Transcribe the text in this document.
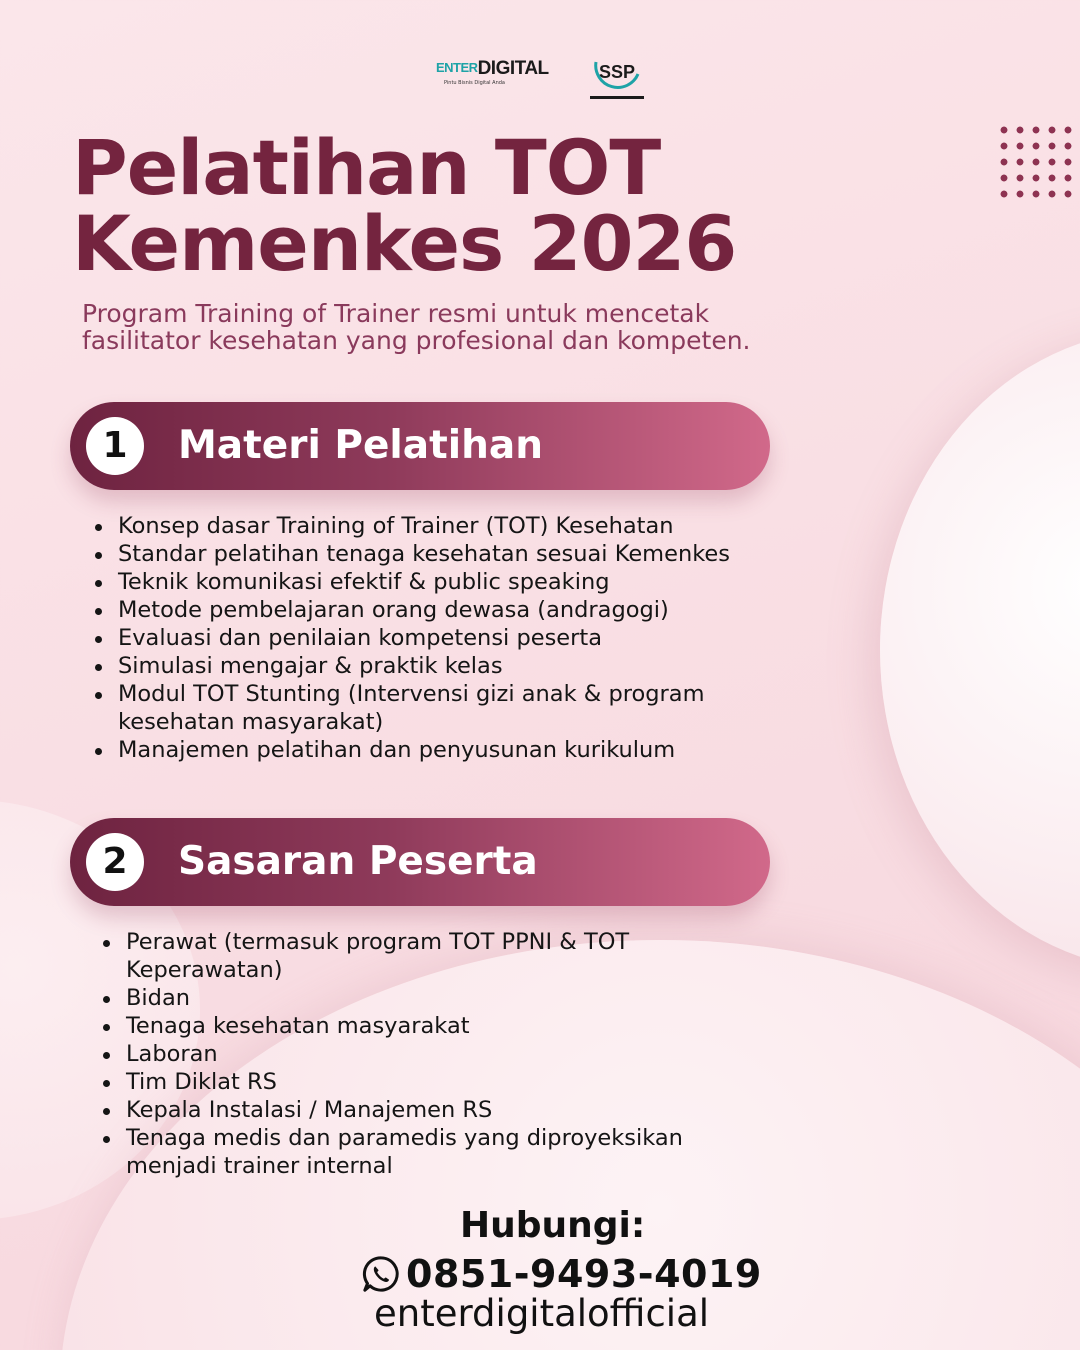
ENTERDIGITAL
Pintu Bisnis Digital Anda
SSP
Pelatihan TOT
Kemenkes 2026

Program Training of Trainer resmi untuk mencetak
fasilitator kesehatan yang profesional dan kompeten.

1	Materi Pelatihan
Konsep dasar Training of Trainer (TOT) Kesehatan
Standar pelatihan tenaga kesehatan sesuai Kemenkes
Teknik komunikasi efektif & public speaking
Metode pembelajaran orang dewasa (andragogi)
Evaluasi dan penilaian kompetensi peserta
Simulasi mengajar & praktik kelas
Modul TOT Stunting (Intervensi gizi anak & program
kesehatan masyarakat)
Manajemen pelatihan dan penyusunan kurikulum
2	Sasaran Peserta
Perawat (termasuk program TOT PPNI & TOT
Keperawatan)
Bidan
Tenaga kesehatan masyarakat
Laboran
Tim Diklat RS
Kepala Instalasi / Manajemen RS
Tenaga medis dan paramedis yang diproyeksikan
menjadi trainer internal
Hubungi:
0851-9493-4019
enterdigitalofficial
